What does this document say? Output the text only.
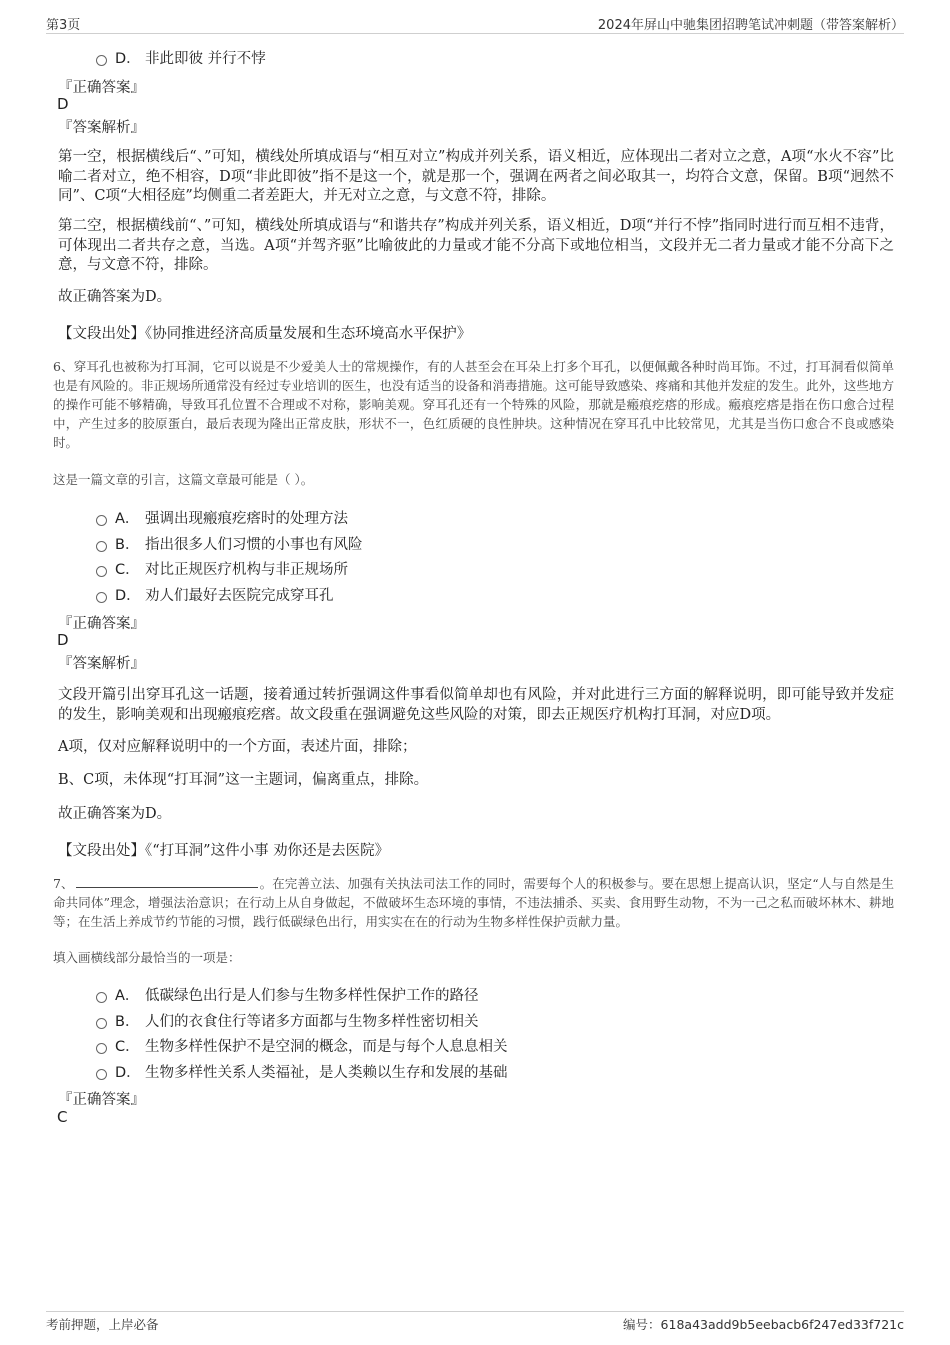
第3页	2024年屏山中驰集团招聘笔试冲刺题（带答案解析）
D． 非此即彼 并行不悖
『正确答案』
D
『答案解析』
第一空，根据横线后“、”可知，横线处所填成语与“相互对立”构成并列关系，语义相近，应体现出二者对立之意，A项“水火不容”比喻二者对立，绝不相容，D项“非此即彼”指不是这一个，就是那一个，强调在两者之间必取其一，均符合文意，保留。B项“迥然不同”、C项“大相径庭”均侧重二者差距大，并无对立之意，与文意不符，排除。
第二空，根据横线前“、”可知，横线处所填成语与“和谐共存”构成并列关系，语义相近，D项“并行不悖”指同时进行而互相不违背，可体现出二者共存之意，当选。A项“并驾齐驱”比喻彼此的力量或才能不分高下或地位相当，文段并无二者力量或才能不分高下之意，与文意不符，排除。
故正确答案为D。
【文段出处】《协同推进经济高质量发展和生态环境高水平保护》
6、穿耳孔也被称为打耳洞，它可以说是不少爱美人士的常规操作，有的人甚至会在耳朵上打多个耳孔，以便佩戴各种时尚耳饰。不过，打耳洞看似简单也是有风险的。非正规场所通常没有经过专业培训的医生，也没有适当的设备和消毒措施。这可能导致感染、疼痛和其他并发症的发生。此外，这些地方的操作可能不够精确，导致耳孔位置不合理或不对称，影响美观。穿耳孔还有一个特殊的风险，那就是瘢痕疙瘩的形成。瘢痕疙瘩是指在伤口愈合过程中，产生过多的胶原蛋白，最后表现为隆出正常皮肤，形状不一，色红质硬的良性肿块。这种情况在穿耳孔中比较常见，尤其是当伤口愈合不良或感染时。
这是一篇文章的引言，这篇文章最可能是（ ）。
A． 强调出现瘢痕疙瘩时的处理方法
B． 指出很多人们习惯的小事也有风险
C． 对比正规医疗机构与非正规场所
D． 劝人们最好去医院完成穿耳孔
『正确答案』
D
『答案解析』
文段开篇引出穿耳孔这一话题，接着通过转折强调这件事看似简单却也有风险，并对此进行三方面的解释说明，即可能导致并发症的发生，影响美观和出现瘢痕疙瘩。故文段重在强调避免这些风险的对策，即去正规医疗机构打耳洞，对应D项。
A项，仅对应解释说明中的一个方面，表述片面，排除；
B、C项，未体现“打耳洞”这一主题词，偏离重点，排除。
故正确答案为D。
【文段出处】《“打耳洞”这件小事 劝你还是去医院》
7、	。在完善立法、加强有关执法司法工作的同时，需要每个人的积极参与。要在思想上提高认识，坚定“人与自然是生命共同体”理念，增强法治意识；在行动上从自身做起，不做破坏生态环境的事情，不违法捕杀、买卖、食用野生动物，不为一己之私而破坏林木、耕地等；在生活上养成节约节能的习惯，践行低碳绿色出行，用实实在在的行动为生物多样性保护贡献力量。
填入画横线部分最恰当的一项是：
A． 低碳绿色出行是人们参与生物多样性保护工作的路径
B． 人们的衣食住行等诸多方面都与生物多样性密切相关
C． 生物多样性保护不是空洞的概念，而是与每个人息息相关
D． 生物多样性关系人类福祉，是人类赖以生存和发展的基础
『正确答案』
C
考前押题，上岸必备	编号：618a43add9b5eebacb6f247ed33f721c
